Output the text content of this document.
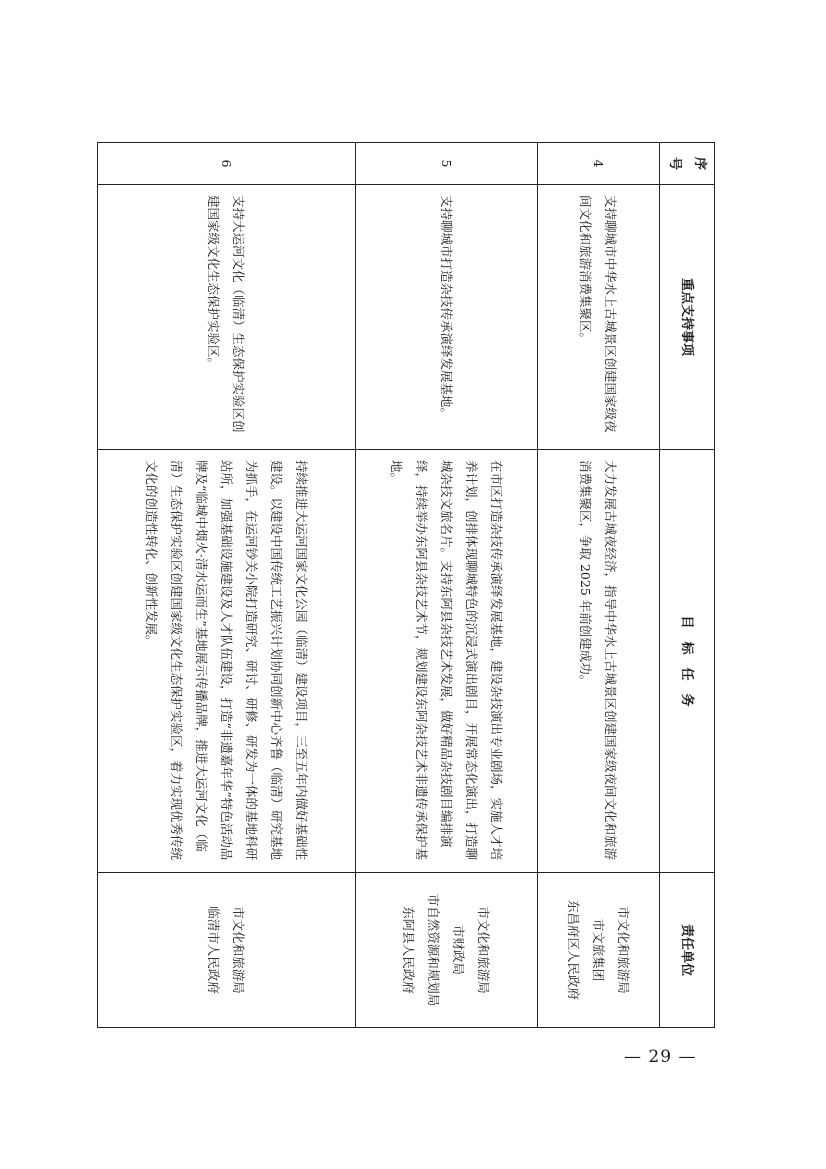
序号	重点支持事项	目　标　任　务	责任单位
4	支持聊城市中华水上古城景区创建国家级夜间文化和旅游消费集聚区。	大力发展古城夜经济，指导中华水上古城景区创建国家级夜间文化和旅游消费集聚区，争取 2025 年前创建成功。	市文化和旅游局
市文旅集团
东昌府区人民政府

5	支持聊城市打造杂技传承演绎发展基地。	在市区打造杂技传承演绎发展基地，建设杂技演出专业剧场，实施人才培养计划，创排体现聊城特色的沉浸式演出剧目，开展常态化演出，打造聊城杂技文旅名片。支持东阿县杂技艺术发展，做好精品杂技剧目编排演绎，持续举办东阿县杂技艺术节，规划建设东阿杂技艺术非遗传承保护基地。	市文化和旅游局
市财政局
市自然资源和规划局
东阿县人民政府

6	支持大运河文化（临清）生态保护实验区创建国家级文化生态保护实验区。	持续推进大运河国家文化公园（临清）建设项目，三至五年内做好基础性建设。以建设中国传统工艺振兴计划协同创新中心齐鲁（临清）研究基地为抓手，在运河钞关小院打造研究、研讨、研修、研发为一体的基地科研站所，加强基础设施建设及人才队伍建设，打造“非遗嘉年华”特色活动品牌及“临城中烟火·清水运而生”基地展示传播品牌，推进大运河文化（临清）生态保护实验区创建国家级文化生态保护实验区，着力实现优秀传统文化的创造性转化、创新性发展。	市文化和旅游局
临清市人民政府
— 29 —
